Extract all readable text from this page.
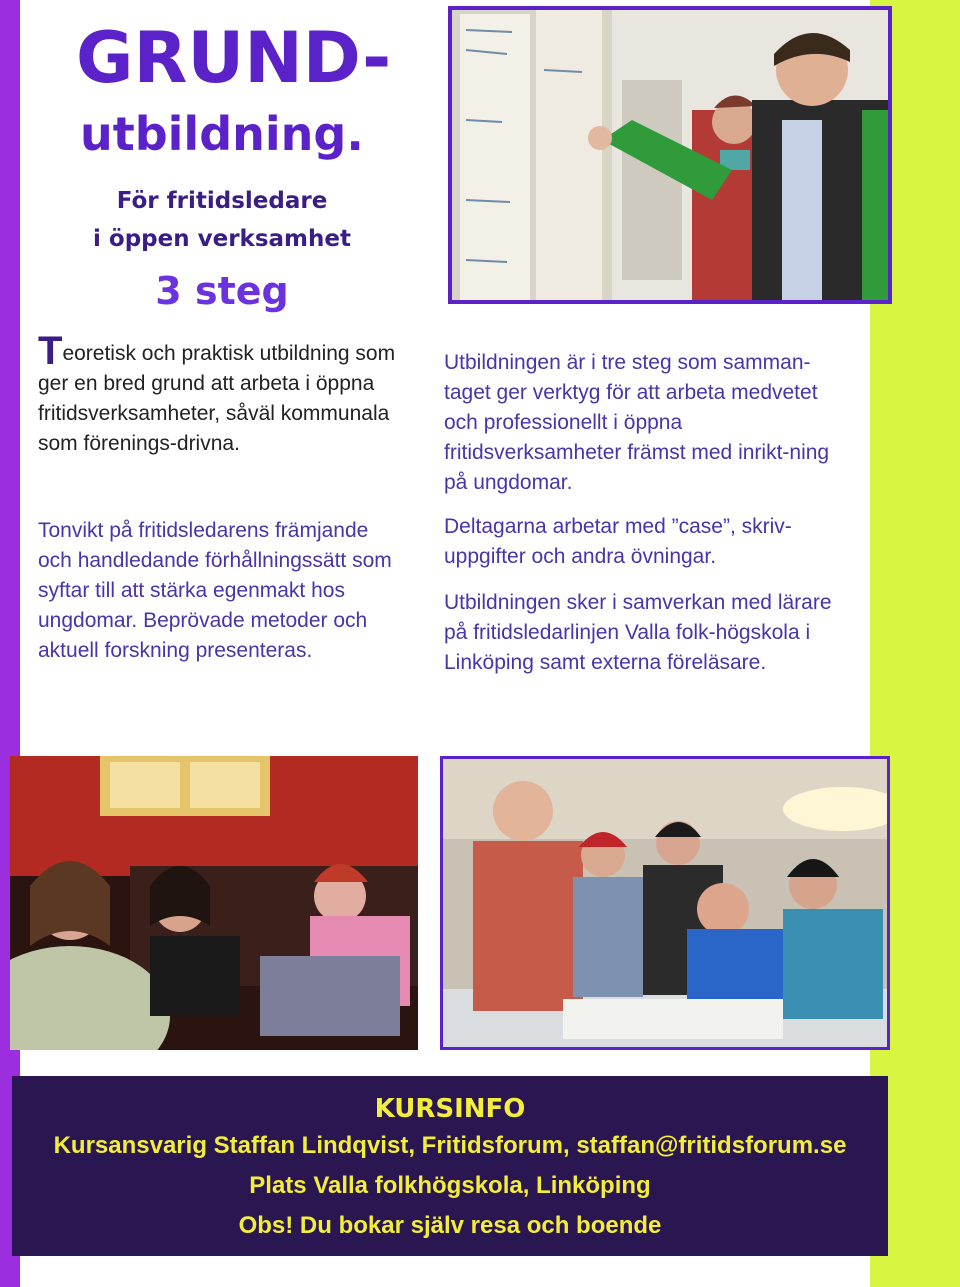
GRUND-
utbildning.
För fritidsledare
i öppen verksamhet
3 steg
Teoretisk och praktisk utbildning som ger en bred grund att arbeta i öppna fritidsverksamheter, såväl kommunala som förenings-drivna.
Tonvikt på fritidsledarens främjande och handledande förhållningssätt som syftar till att stärka egenmakt hos ungdomar. Beprövade metoder och aktuell forskning presenteras.
Utbildningen är i tre steg som samman-taget ger verktyg för att arbeta medvetet och professionellt i öppna fritidsverksamheter främst med inrikt-ning på ungdomar.
Deltagarna arbetar med ”case”, skriv-uppgifter och andra övningar.
Utbildningen sker i samverkan med lärare på fritidsledarlinjen Valla folk-högskola i Linköping samt externa föreläsare.
KURSINFO
Kursansvarig Staffan Lindqvist, Fritidsforum, staffan@fritidsforum.se
Plats Valla folkhögskola, Linköping
Obs! Du bokar själv resa och boende
